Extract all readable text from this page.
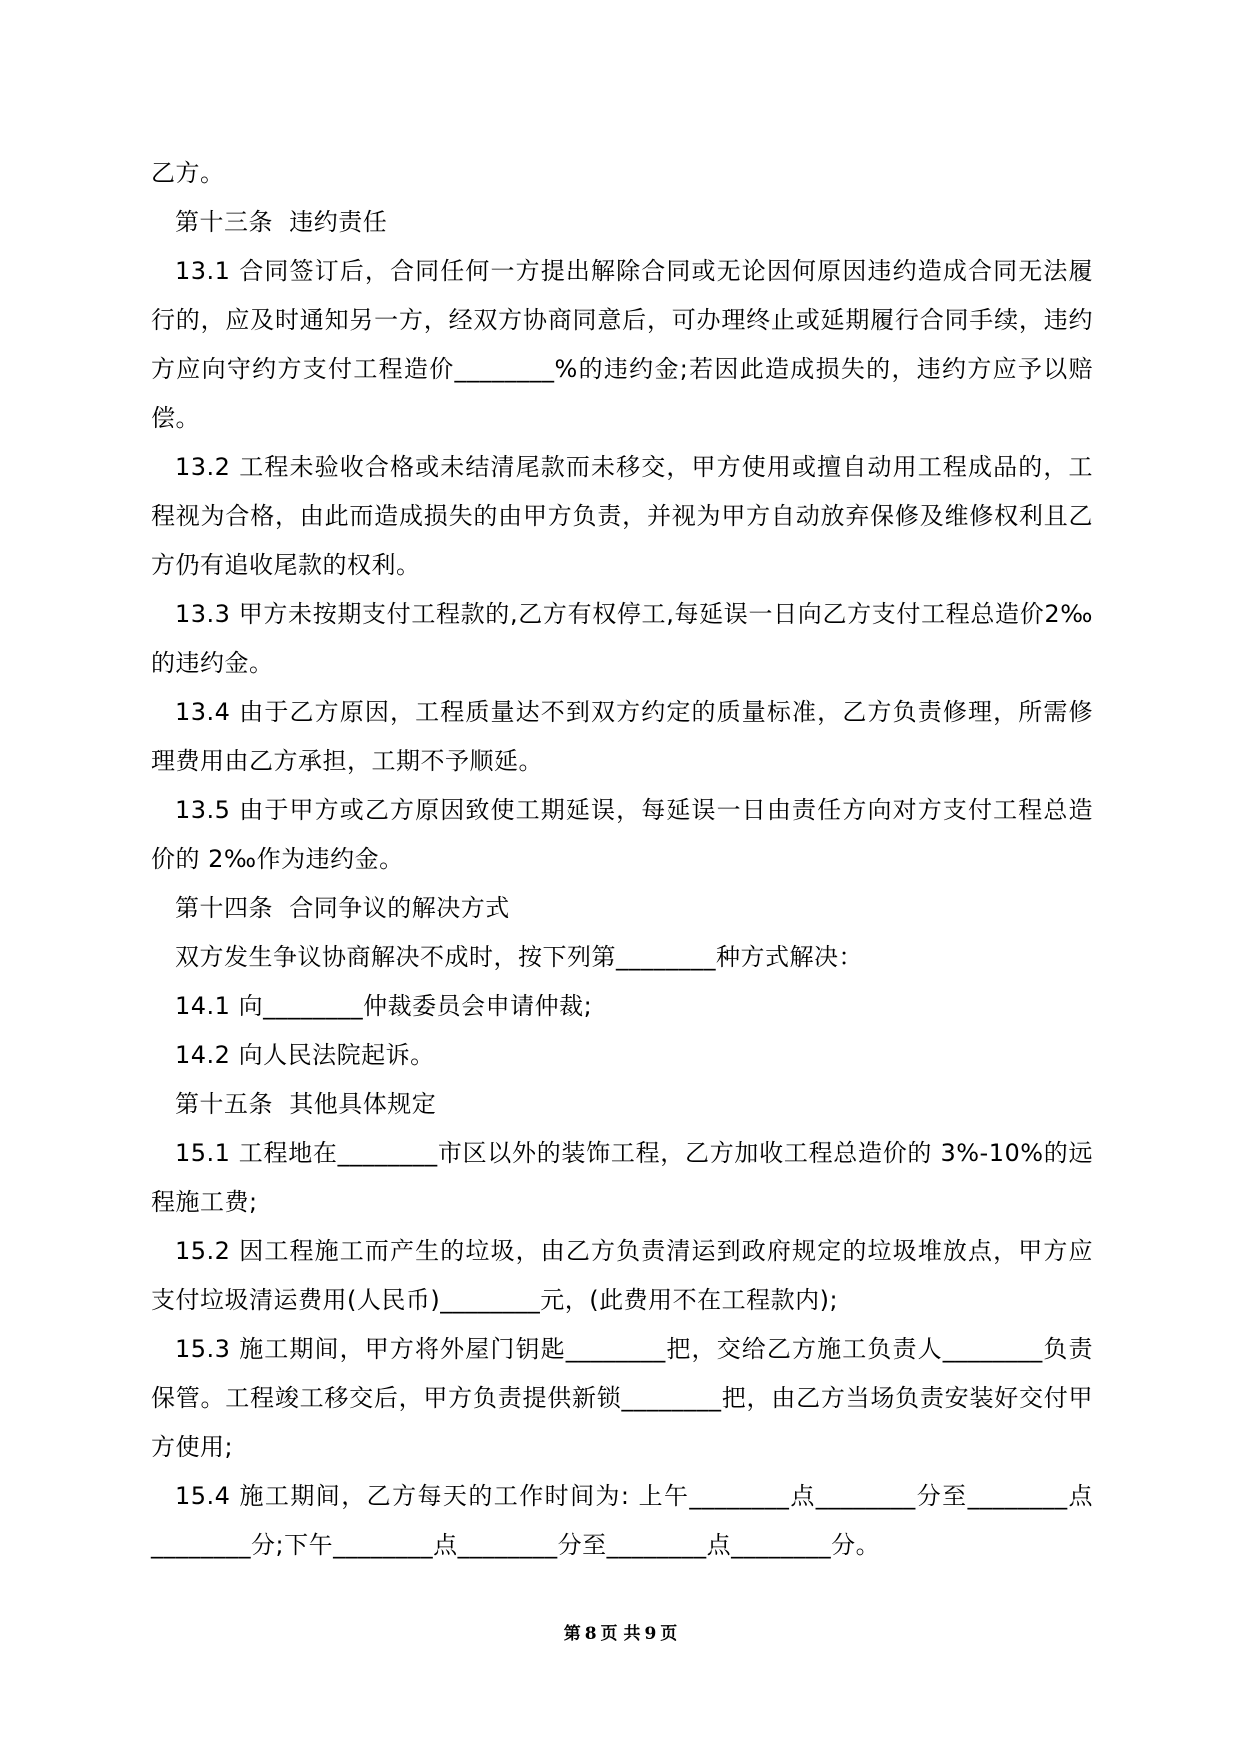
乙方。

第十三条  违约责任

13.1 合同签订后，合同任何一方提出解除合同或无论因何原因违约造成合同无法履行的，应及时通知另一方，经双方协商同意后，可办理终止或延期履行合同手续，违约方应向守约方支付工程造价________%的违约金;若因此造成损失的，违约方应予以赔偿。

13.2 工程未验收合格或未结清尾款而未移交，甲方使用或擅自动用工程成品的，工程视为合格，由此而造成损失的由甲方负责，并视为甲方自动放弃保修及维修权利且乙方仍有追收尾款的权利。

13.3 甲方未按期支付工程款的,乙方有权停工,每延误一日向乙方支付工程总造价2‰的违约金。

13.4 由于乙方原因，工程质量达不到双方约定的质量标准，乙方负责修理，所需修理费用由乙方承担，工期不予顺延。

13.5 由于甲方或乙方原因致使工期延误，每延误一日由责任方向对方支付工程总造价的 2‰作为违约金。

第十四条  合同争议的解决方式

双方发生争议协商解决不成时，按下列第________种方式解决：

14.1 向________仲裁委员会申请仲裁;

14.2 向人民法院起诉。

第十五条  其他具体规定

15.1 工程地在________市区以外的装饰工程，乙方加收工程总造价的 3%-10%的远程施工费;

15.2 因工程施工而产生的垃圾，由乙方负责清运到政府规定的垃圾堆放点，甲方应支付垃圾清运费用(人民币)________元，(此费用不在工程款内);

15.3 施工期间，甲方将外屋门钥匙________把，交给乙方施工负责人________负责保管。工程竣工移交后，甲方负责提供新锁________把，由乙方当场负责安装好交付甲方使用;

15.4 施工期间，乙方每天的工作时间为: 上午________点________分至________点________分;下午________点________分至________点________分。

第 8 页 共 9 页
